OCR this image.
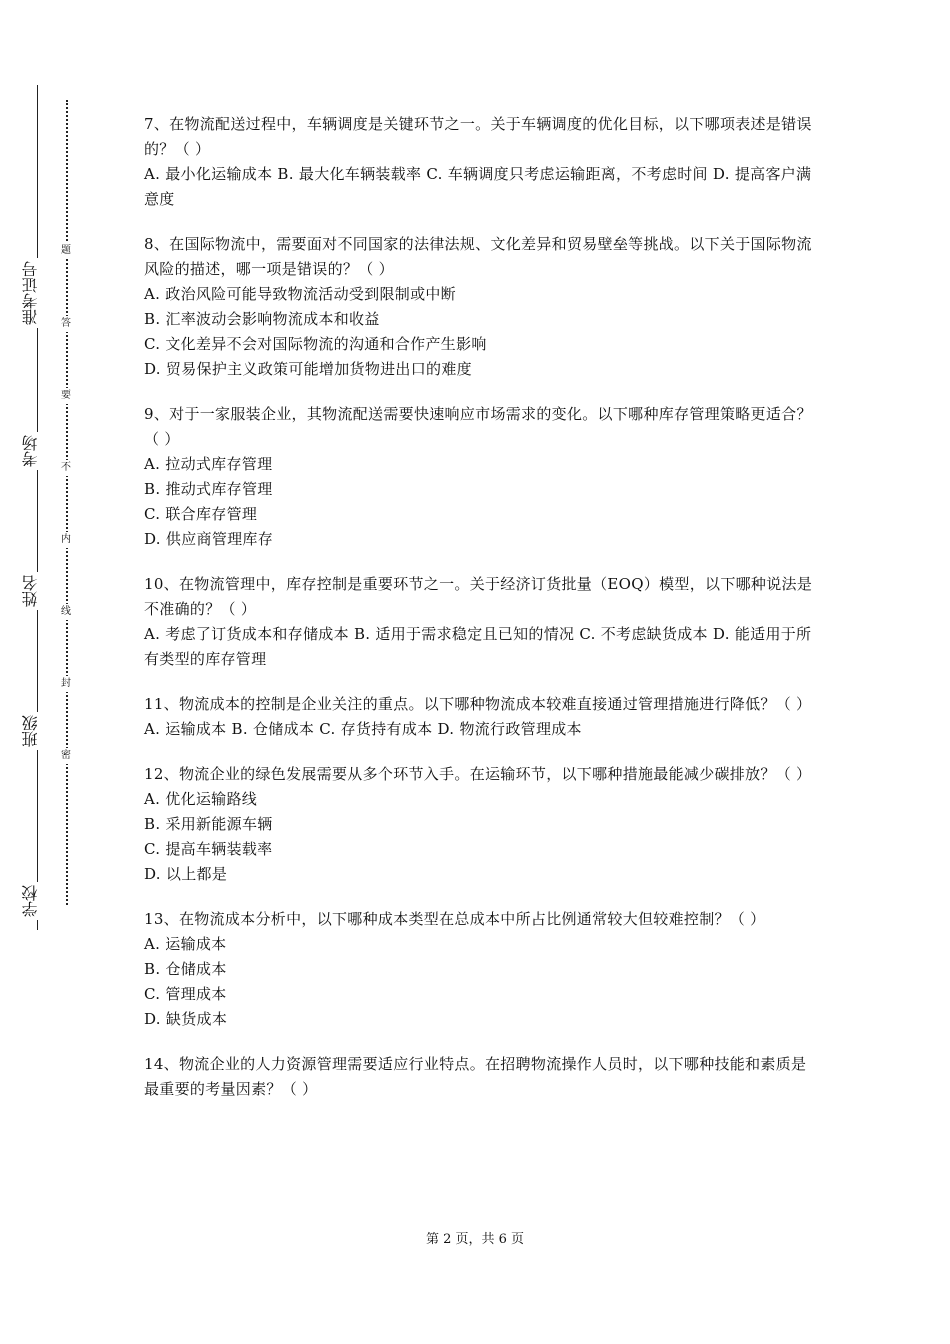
准考证号
考场
姓名
班级
学校
题
答
要
不
内
线
封
密

7、在物流配送过程中，车辆调度是关键环节之一。关于车辆调度的优化目标，以下哪项表述是错误的？（ ）

A. 最小化运输成本 B. 最大化车辆装载率 C. 车辆调度只考虑运输距离，不考虑时间 D. 提高客户满意度

8、在国际物流中，需要面对不同国家的法律法规、文化差异和贸易壁垒等挑战。以下关于国际物流风险的描述，哪一项是错误的？（ ）

A. 政治风险可能导致物流活动受到限制或中断

B. 汇率波动会影响物流成本和收益

C. 文化差异不会对国际物流的沟通和合作产生影响

D. 贸易保护主义政策可能增加货物进出口的难度

9、对于一家服装企业，其物流配送需要快速响应市场需求的变化。以下哪种库存管理策略更适合？（ ）

A. 拉动式库存管理

B. 推动式库存管理

C. 联合库存管理

D. 供应商管理库存

10、在物流管理中，库存控制是重要环节之一。关于经济订货批量（EOQ）模型，以下哪种说法是不准确的？（ ）

A. 考虑了订货成本和存储成本 B. 适用于需求稳定且已知的情况 C. 不考虑缺货成本 D. 能适用于所有类型的库存管理

11、物流成本的控制是企业关注的重点。以下哪种物流成本较难直接通过管理措施进行降低？（ ）

A. 运输成本 B. 仓储成本 C. 存货持有成本 D. 物流行政管理成本

12、物流企业的绿色发展需要从多个环节入手。在运输环节，以下哪种措施最能减少碳排放？（ ）

A. 优化运输路线

B. 采用新能源车辆

C. 提高车辆装载率

D. 以上都是

13、在物流成本分析中，以下哪种成本类型在总成本中所占比例通常较大但较难控制？（ ）

A. 运输成本

B. 仓储成本

C. 管理成本

D. 缺货成本

14、物流企业的人力资源管理需要适应行业特点。在招聘物流操作人员时，以下哪种技能和素质是最重要的考量因素？（ ）

第 2 页，共 6 页
